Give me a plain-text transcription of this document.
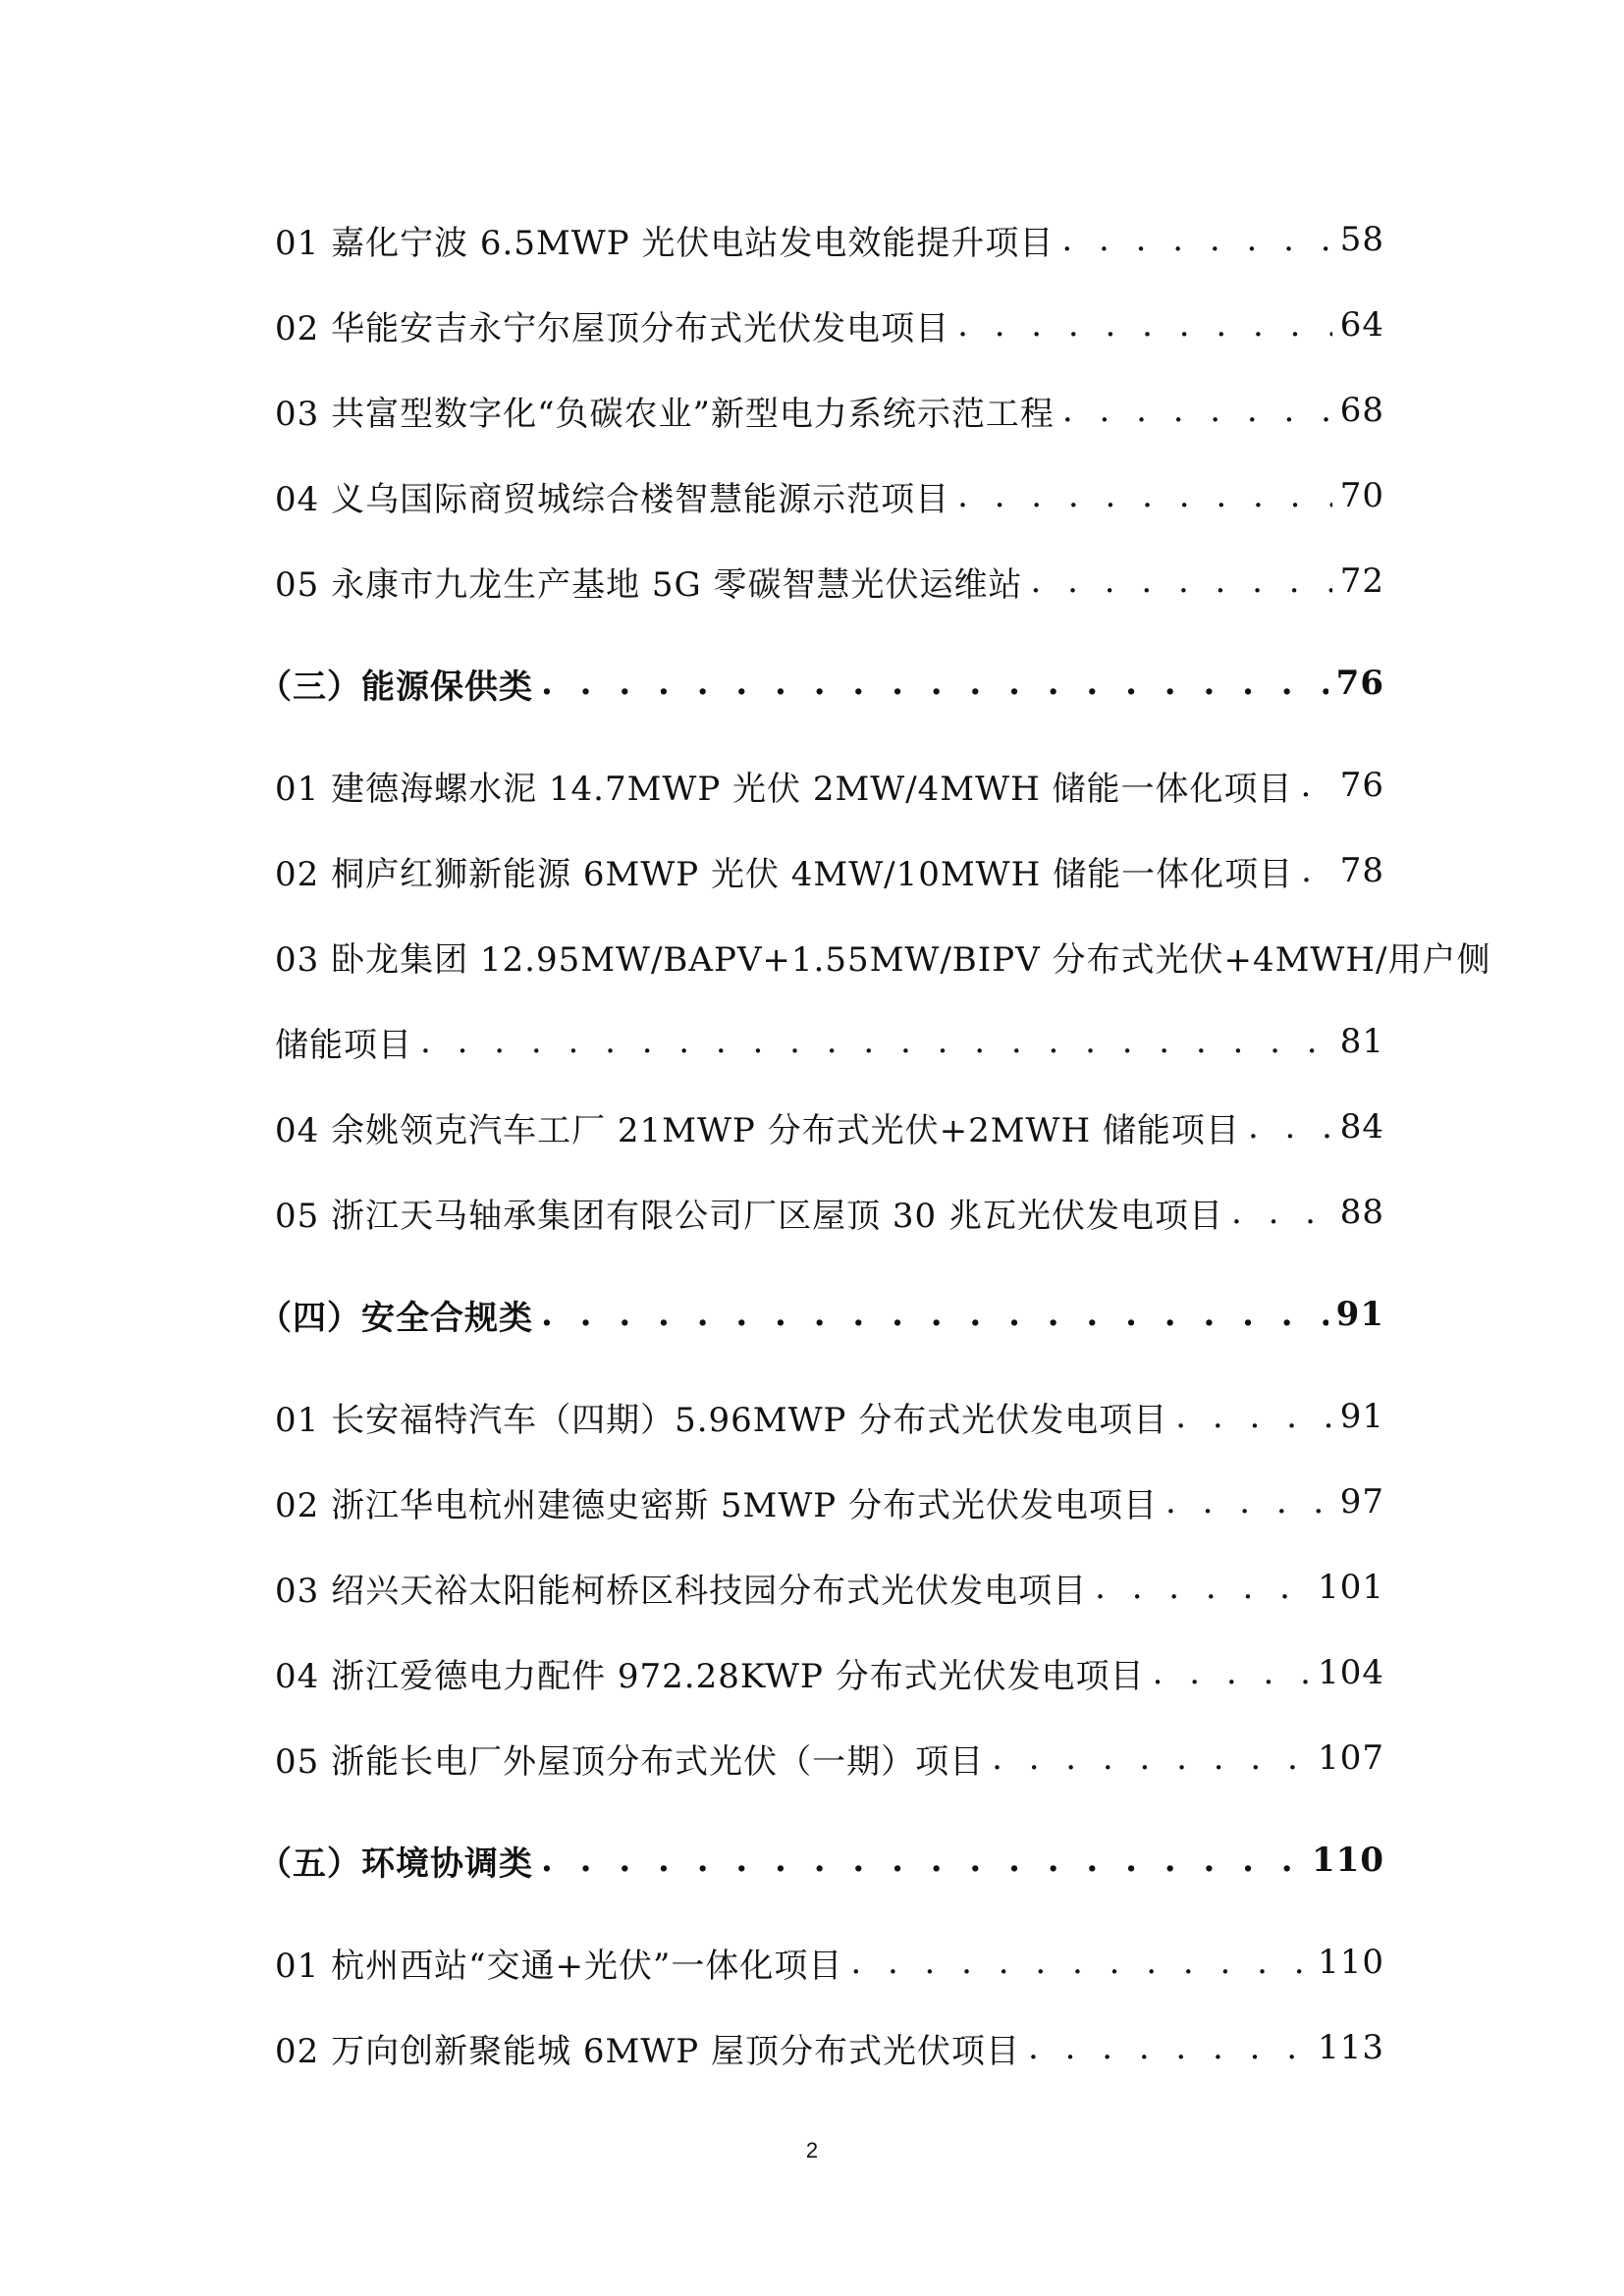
01 嘉化宁波 6.5MWP 光伏电站发电效能提升项目 . . .	58
02 华能安吉永宁尔屋顶分布式光伏发电项目 . . .	64
03 共富型数字化“负碳农业”新型电力系统示范工程 . . .	68
04 义乌国际商贸城综合楼智慧能源示范项目 . . .	70
05 永康市九龙生产基地 5G 零碳智慧光伏运维站 . . .	72
（三）能源保供类 . . .	76
01 建德海螺水泥 14.7MWP 光伏 2MW/4MWH 储能一体化项目 . . . 76
02 桐庐红狮新能源 6MWP 光伏 4MW/10MWH 储能一体化项目 . . . 78
03 卧龙集团 12.95MW/BAPV+1.55MW/BIPV 分布式光伏+4MWH/用户侧
储能项目 . . .	81
04 余姚领克汽车工厂 21MWP 分布式光伏+2MWH 储能项目 . . .	84
05 浙江天马轴承集团有限公司厂区屋顶 30 兆瓦光伏发电项目 . . .	88
（四）安全合规类 . . .	91
01 长安福特汽车（四期）5.96MWP 分布式光伏发电项目 . . .	91
02 浙江华电杭州建德史密斯 5MWP 分布式光伏发电项目 . . .	97
03 绍兴天裕太阳能柯桥区科技园分布式光伏发电项目 . . .	101
04 浙江爱德电力配件 972.28KWP 分布式光伏发电项目 . . .	104
05 浙能长电厂外屋顶分布式光伏（一期）项目 . . .	107
（五）环境协调类 . . .	110
01 杭州西站“交通+光伏”一体化项目 . . .	110
02 万向创新聚能城 6MWP 屋顶分布式光伏项目 . . .	113
2
